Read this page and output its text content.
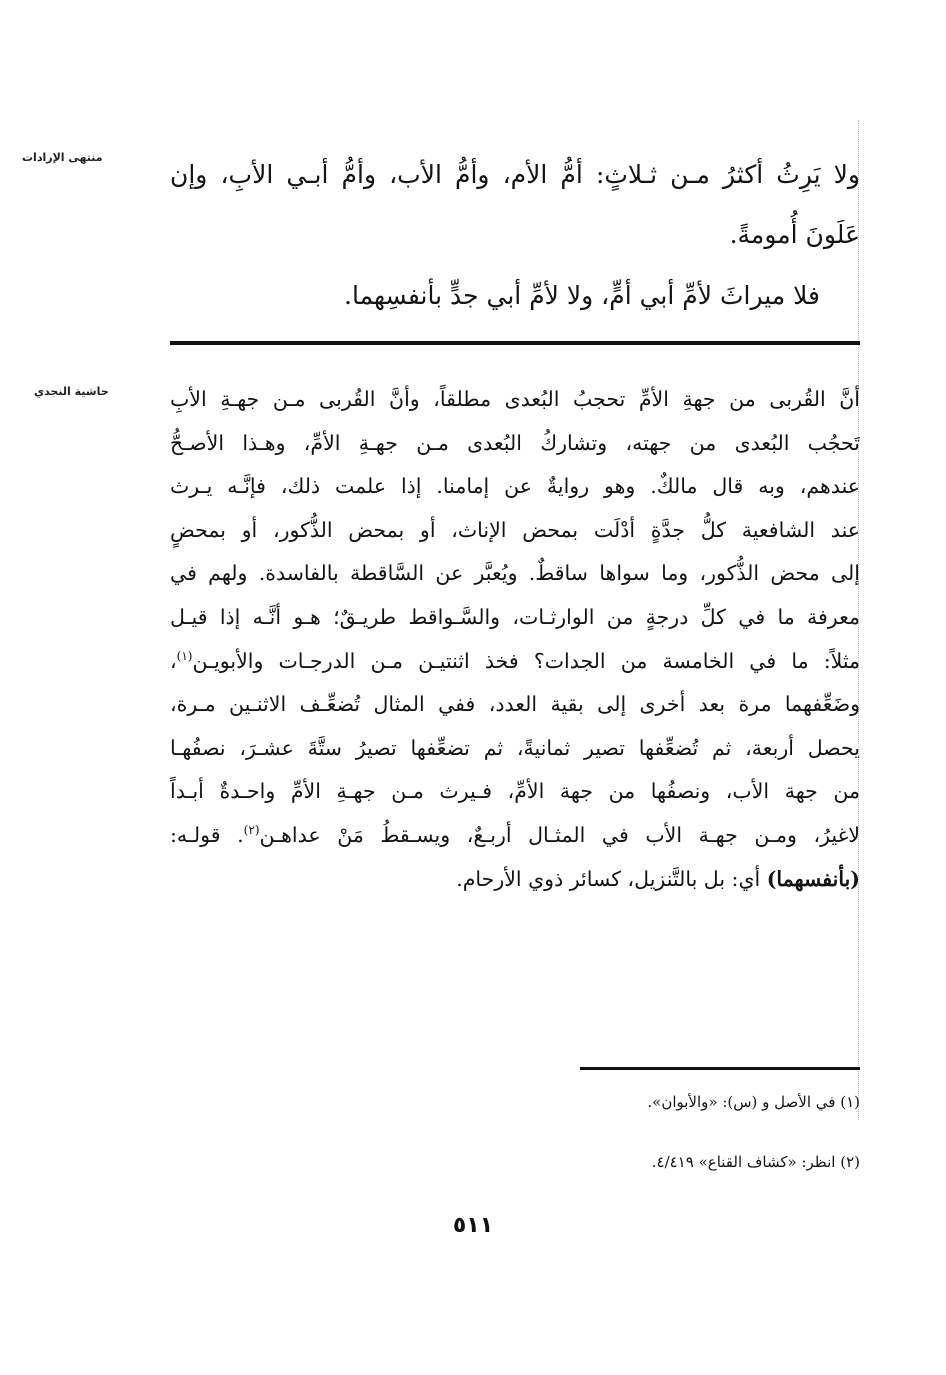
منتهى الإرادات
حاشية النجدي
ولا يَرِثُ أكثرُ مـن ثـلاثٍ: أمُّ الأم، وأمُّ الأب، وأمُّ أبـي الأبِ، وإن عَلَونَ أُمومةً.
فلا ميراثَ لأمِّ أبي أمٍّ، ولا لأمِّ أبي جدٍّ بأنفسِهما.
أنَّ القُربى من جهةِ الأمِّ تحجبُ البُعدى مطلقاً، وأنَّ القُربى مـن جهـةِ الأبِ
تَحجُب البُعدى من جهته، وتشاركُ البُعدى مـن جهـةِ الأمِّ، وهـذا الأصـحُّ
عندهم، وبه قال مالكٌ. وهو روايةٌ عن إمامنا. إذا علمت ذلك، فإنَّـه يـرث
عند الشافعية كلُّ جدَّةٍ أدْلَت بمحض الإناث، أو بمحض الذُّكور، أو بمحضٍ
إلى محض الذُّكور، وما سواها ساقطٌ. ويُعبَّر عن السَّاقطة بالفاسدة. ولهم في
معرفة ما في كلِّ درجةٍ من الوارثـات، والسَّـواقط طريـقٌ؛ هـو أنَّـه إذا قيـل
مثلاً: ما في الخامسة من الجدات؟ فخذ اثنتيـن مـن الدرجـات والأبويـن$^{(١)}$،
وضَعِّفهما مرة بعد أخرى إلى بقية العدد، ففي المثال تُضعِّـف الاثنـين مـرة،
يحصل أربعة، ثم تُضعِّفها تصير ثمانيةً، ثم تضعِّفها تصيرُ ستَّةَ عشـرَ، نصفُهـا
من جهة الأب، ونصفُها من جهة الأمِّ، فـيرث مـن جهـةِ الأمِّ واحـدةٌ أبـداً
لاغيرُ، ومـن جهـة الأب في المثـال أربـعٌ، ويسـقطُ مَنْ عداهـن$^{(٢)}$. قولـه:
(بأنفسهما) أي: بل بالتَّنزيل، كسائر ذوي الأرحام.
(١) في الأصل و (س): «والأبوان».
(٢) انظر: «كشاف القناع» ٤/٤١٩.
٥١١
